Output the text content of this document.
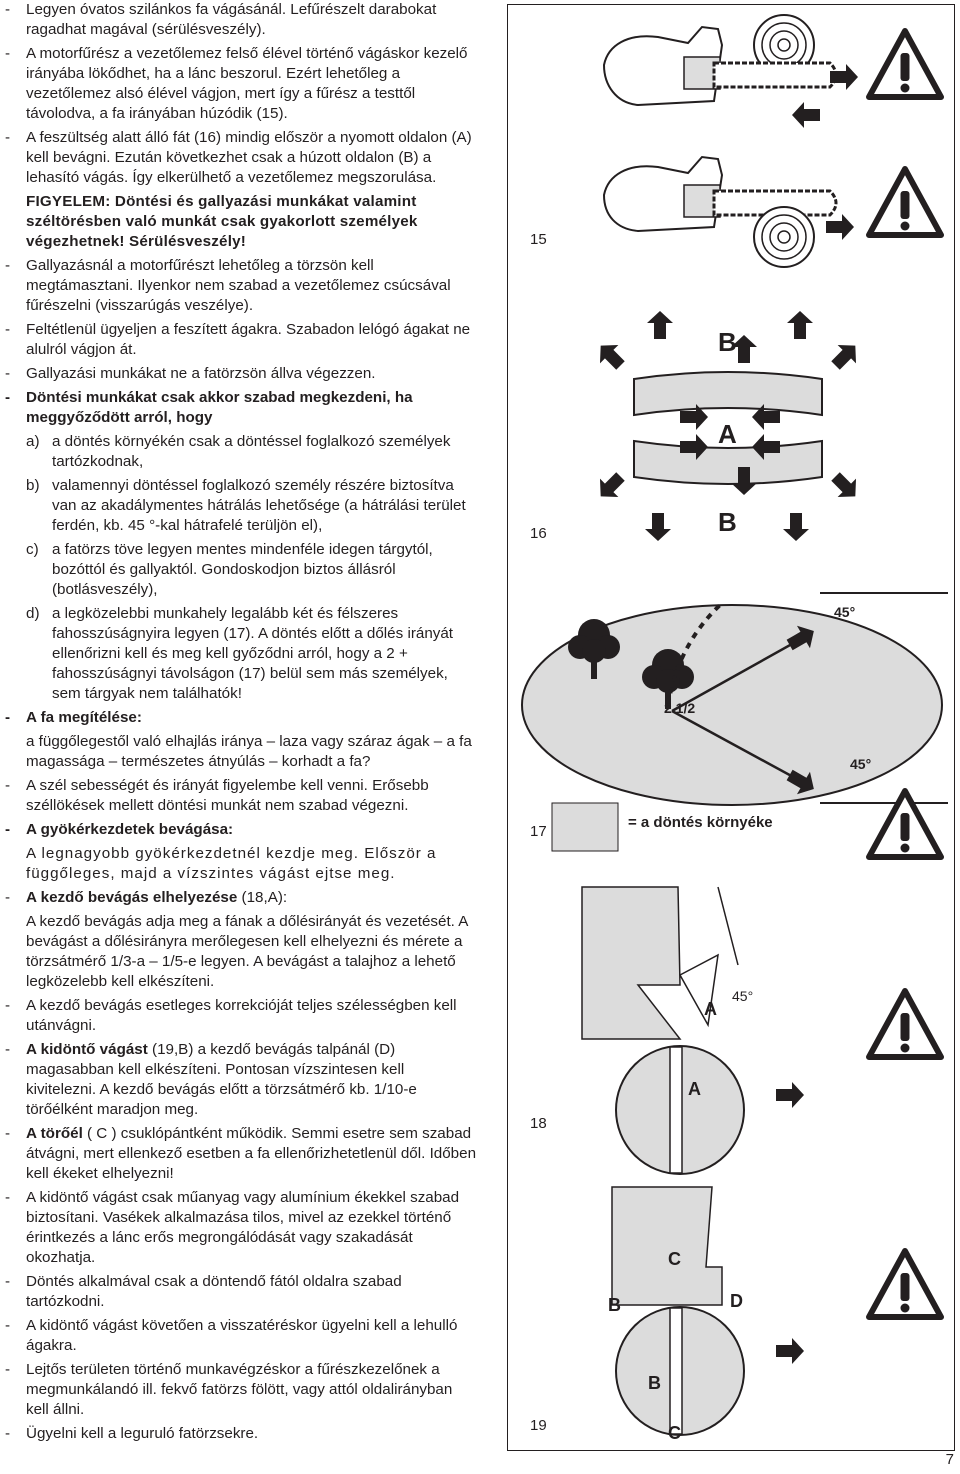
- Legyen óvatos szilánkos fa vágásánál. Lefűrészelt darabokat ragadhat magával (sérülésveszély).
- A motorfűrész a vezetőlemez felső élével történő vágáskor kezelő irányába lökődhet, ha a lánc beszorul. Ezért lehetőleg a vezetőlemez alsó élével vágjon, mert így a fűrész a testtől távolodva, a fa irányában húzódik (15).
- A feszültség alatt álló fát (16) mindig először a nyomott oldalon (A) kell bevágni. Ezután következhet csak a húzott oldalon (B) a lehasító vágás. Így elkerülhető a vezetőlemez megszorulása.
FIGYELEM: Döntési és gallyazási munkákat valamint széltörésben való munkát csak gyakorlott személyek végezhetnek! Sérülésveszély!
- Gallyazásnál a motorfűrészt lehetőleg a törzsön kell megtámasztani. Ilyenkor nem szabad a vezetőlemez csúcsával fűrészelni (visszarúgás veszélye).
- Feltétlenül ügyeljen a feszített ágakra. Szabadon lelógó ágakat ne alulról vágjon át.
- Gallyazási munkákat ne a fatörzsön állva végezzen.
- Döntési munkákat csak akkor szabad megkezdeni, ha meggyőződött arról, hogy
a) a döntés környékén csak a döntéssel foglalkozó személyek tartózkodnak,
b) valamennyi döntéssel foglalkozó személy részére biztosítva van az akadálymentes hátrálás lehetősége (a hátrálási terület ferdén, kb. 45 °-kal hátrafelé terüljön el),
c) a fatörzs töve legyen mentes mindenféle idegen tárgytól, bozóttól és gallyaktól. Gondoskodjon biztos állásról (botlásveszély),
d) a legközelebbi munkahely legalább két és félszeres fahosszúságnyira legyen (17). A döntés előtt a dőlés irányát ellenőrizni kell és meg kell győződni arról, hogy a 2 + fahosszúságnyi távolságon (17) belül sem más személyek, sem tárgyak nem találhatók!
- A fa megítélése:
a függőlegestől való elhajlás iránya – laza vagy száraz ágak – a fa magassága – természetes átnyúlás – korhadt a fa?
- A szél sebességét és irányát figyelembe kell venni. Erősebb széllökések mellett döntési munkát nem szabad végezni.
- A gyökérkezdetek bevágása:
A legnagyobb gyökérkezdetnél kezdje meg. Először a függőleges, majd a vízszintes vágást ejtse meg.
- A kezdő bevágás elhelyezése (18,A):
A kezdő bevágás adja meg a fának a dőlésirányát és vezetését. A bevágást a dőlésirányra merőlegesen kell elhelyezni és mérete a törzsátmérő 1/3-a – 1/5-e legyen. A bevágást a talajhoz a lehető legközelebb kell elkészíteni.
- A kezdő bevágás esetleges korrekcióját teljes szélességben kell utánvágni.
- A kidöntő vágást (19,B) a kezdő bevágás talpánál (D) magasabban kell elkészíteni. Pontosan vízszintesen kell kivitelezni. A kezdő bevágás előtt a törzsátmérő kb. 1/10-e törőélként maradjon meg.
- A törőél ( C ) csuklópántként működik. Semmi esetre sem szabad átvágni, mert ellenkező esetben a fa ellenőrizhetetlenül dől. Időben kell ékeket elhelyezni!
- A kidöntő vágást csak műanyag vagy alumínium ékekkel szabad biztosítani. Vasékek alkalmazása tilos, mivel az ezekkel történő érintkezés a lánc erős megrongálódását vagy szakadását okozhatja.
- Döntés alkalmával csak a döntendő fától oldalra szabad tartózkodni.
- A kidöntő vágást követően a visszatéréskor ügyelni kell a lehulló ágakra.
- Lejtős területen történő munkavégzéskor a fűrészkezelőnek a megmunkálandó ill. fekvő fatörzs fölött, vagy attól oldalirányban kell állni.
- Ügyelni kell a leguruló fatörzsekre.
B
A
B
45°
45°
2 1/2
= a döntés környéke
A
45°
A
C
B	D
B
C
15
16
17
18
19
7
